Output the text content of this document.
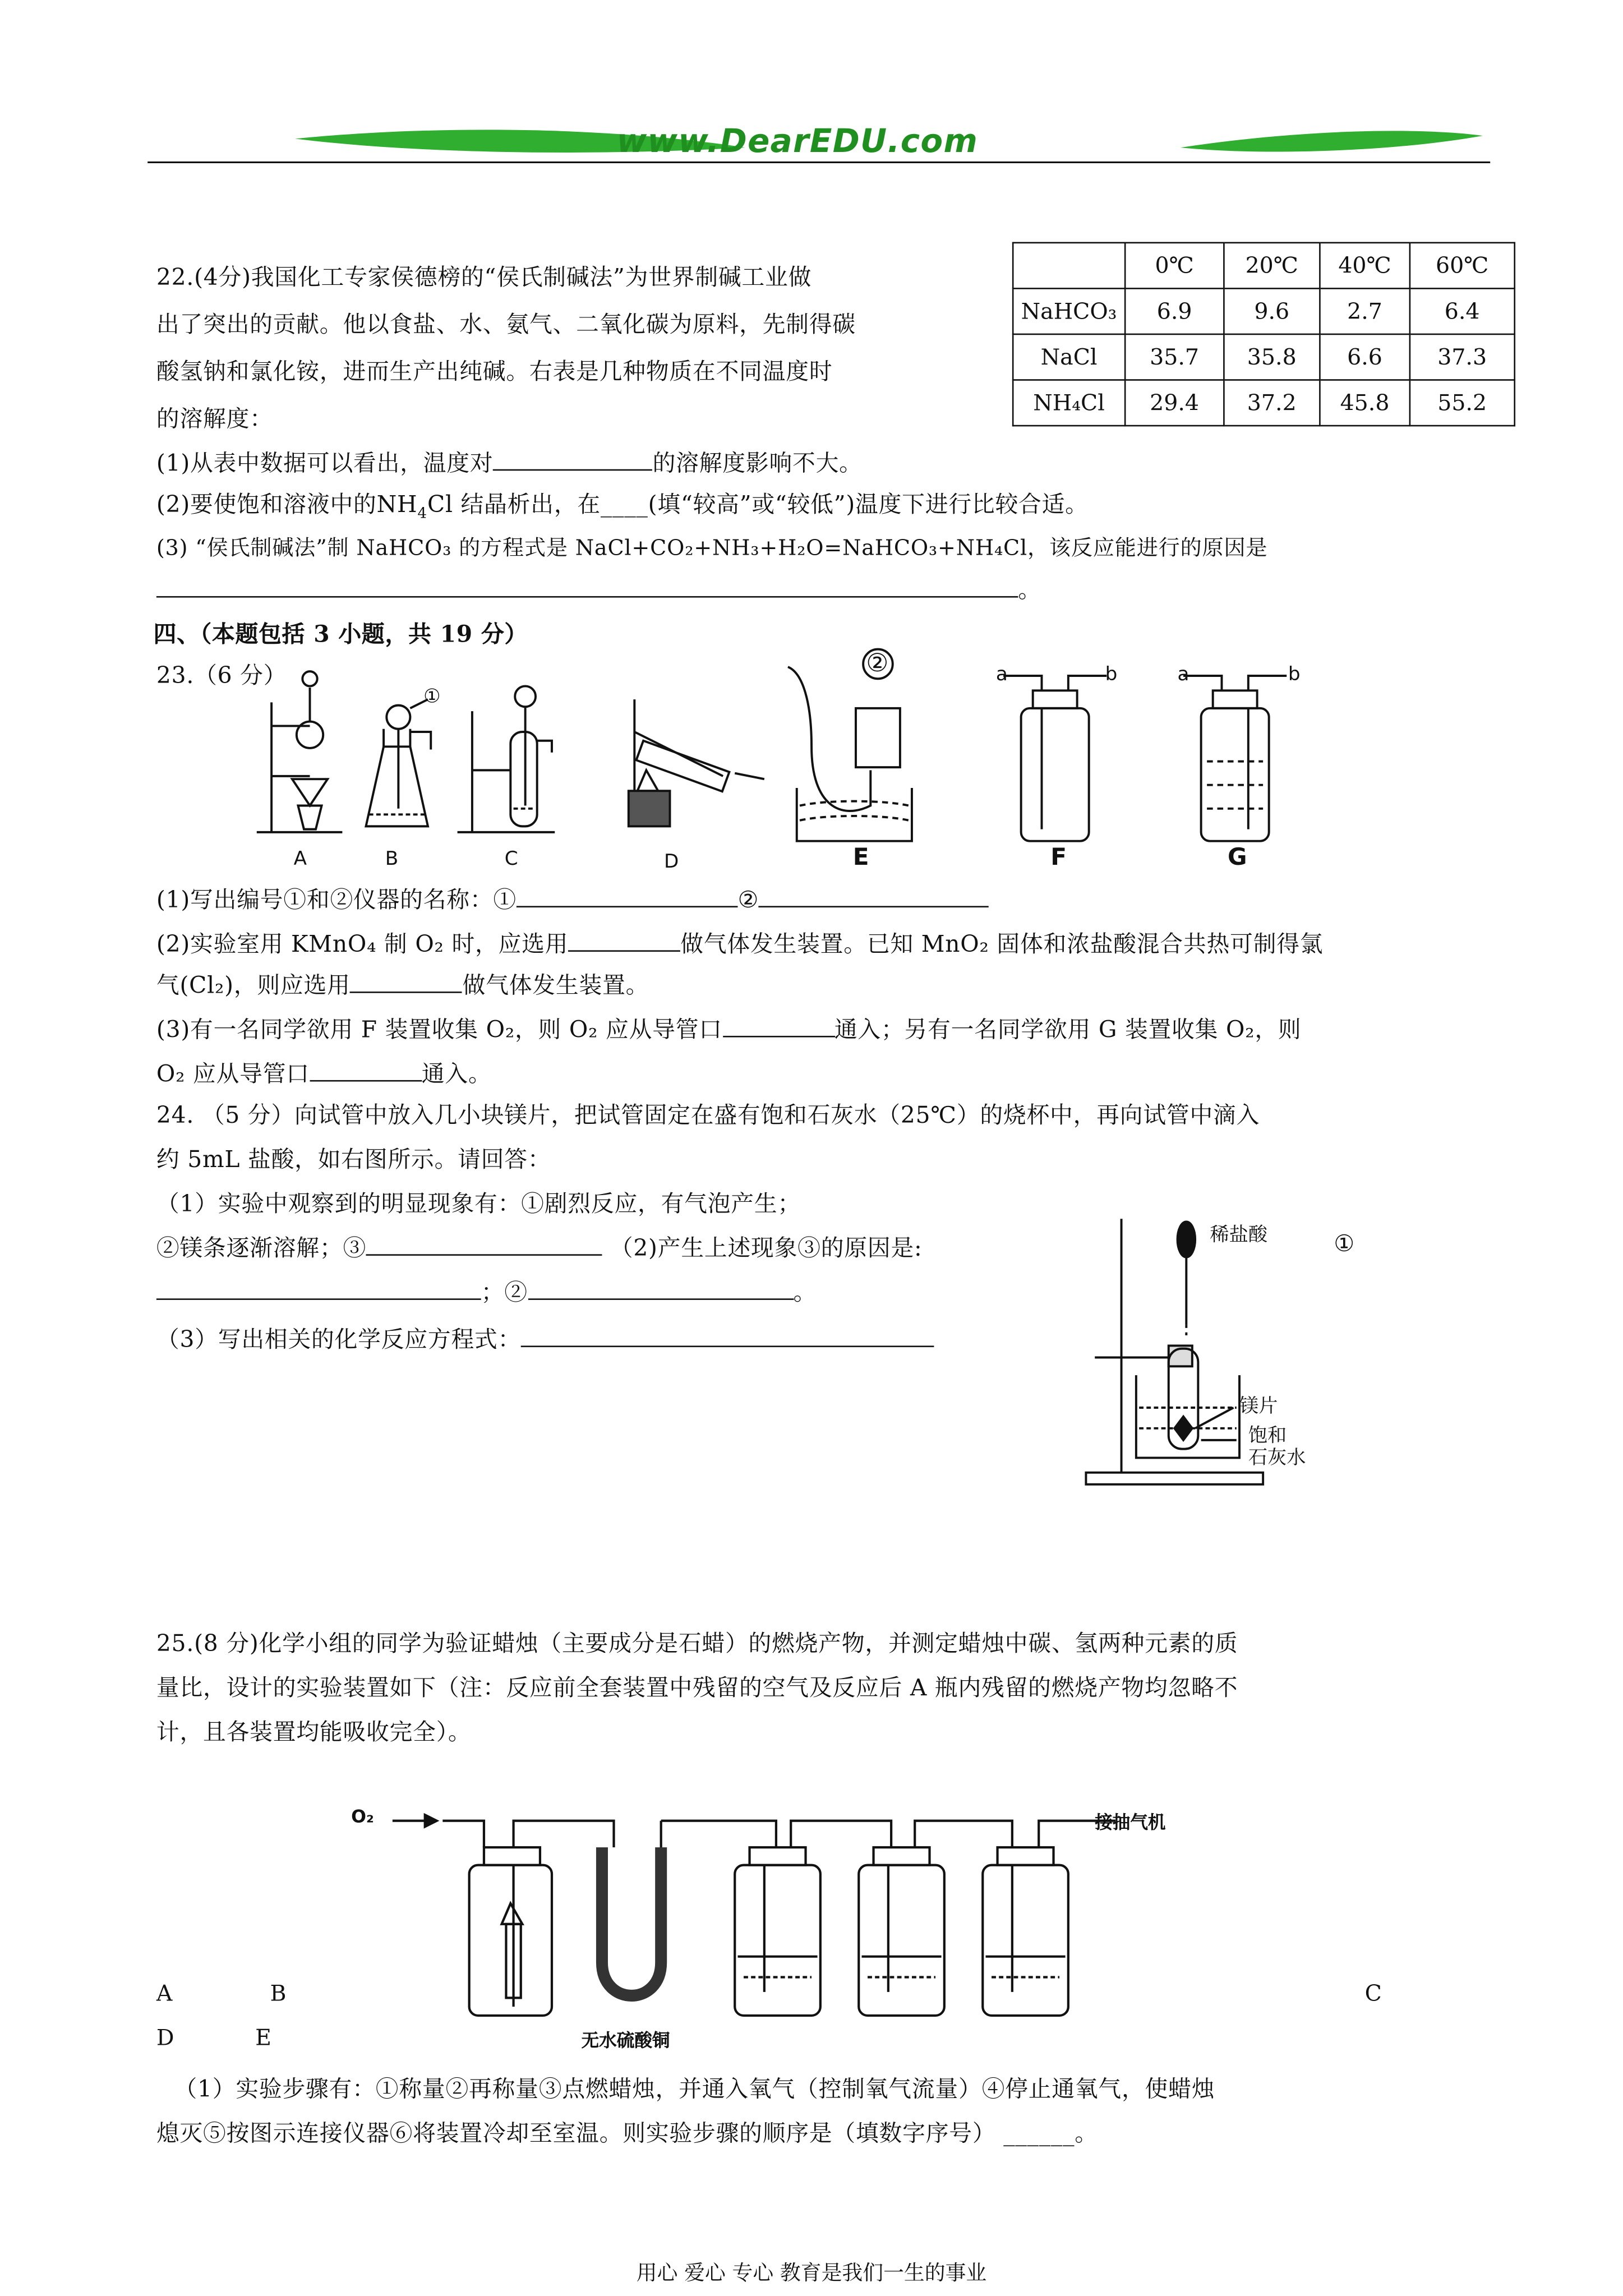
www.DearEDU.com
22.(4分)我国化工专家侯德榜的“侯氏制碱法”为世界制碱工业做
出了突出的贡献。他以食盐、水、氨气、二氧化碳为原料，先制得碳
酸氢钠和氯化铵，进而生产出纯碱。右表是几种物质在不同温度时
的溶解度：
	0℃	20℃	40℃	60℃
NaHCO₃	6.9	9.6	2.7	6.4
NaCl	35.7	35.8	6.6	37.3
NH₄Cl	29.4	37.2	45.8	55.2
(1)从表中数据可以看出，温度对	的溶解度影响不大。
(2)要使饱和溶液中的$NH_4Cl$ 结晶析出，在____(填“较高”或“较低”)温度下进行比较合适。
(3) “侯氏制碱法”制 NaHCO₃ 的方程式是 NaCl+CO₂+NH₃+H₂O=NaHCO₃+NH₄Cl，该反应能进行的原因是
。
四、（本题包括 3 小题，共 19 分）
23.（6 分）
①
②	a	b	a	b
A	B	C	D	E	F	G
(1)写出编号①和②仪器的名称：①	②
(2)实验室用 KMnO₄ 制 O₂ 时，应选用	做气体发生装置。已知 MnO₂ 固体和浓盐酸混合共热可制得氯
气(Cl₂)，则应选用	做气体发生装置。
(3)有一名同学欲用 F 装置收集 O₂，则 O₂ 应从导管口	通入；另有一名同学欲用 G 装置收集 O₂，则
O₂ 应从导管口	通入。
24. （5 分）向试管中放入几小块镁片，把试管固定在盛有饱和石灰水（25℃）的烧杯中，再向试管中滴入
约 5mL 盐酸，如右图所示。请回答：
（1）实验中观察到的明显现象有：①剧烈反应，有气泡产生；
②镁条逐渐溶解；③	（2)产生上述现象③的原因是:	①
；②	。
（3）写出相关的化学反应方程式：
稀盐酸
镁片
饱和
石灰水
25.(8 分)化学小组的同学为验证蜡烛（主要成分是石蜡）的燃烧产物，并测定蜡烛中碳、氢两种元素的质
量比，设计的实验装置如下（注：反应前全套装置中残留的空气及反应后 A 瓶内残留的燃烧产物均忽略不
计，且各装置均能吸收完全）。
O₂	接抽气机
无水硫酸铜
A	B	C
D	E
（1）实验步骤有：①称量②再称量③点燃蜡烛，并通入氧气（控制氧气流量）④停止通氧气，使蜡烛
熄灭⑤按图示连接仪器⑥将装置冷却至室温。则实验步骤的顺序是（填数字序号） ______。
用心 爱心 专心 教育是我们一生的事业
